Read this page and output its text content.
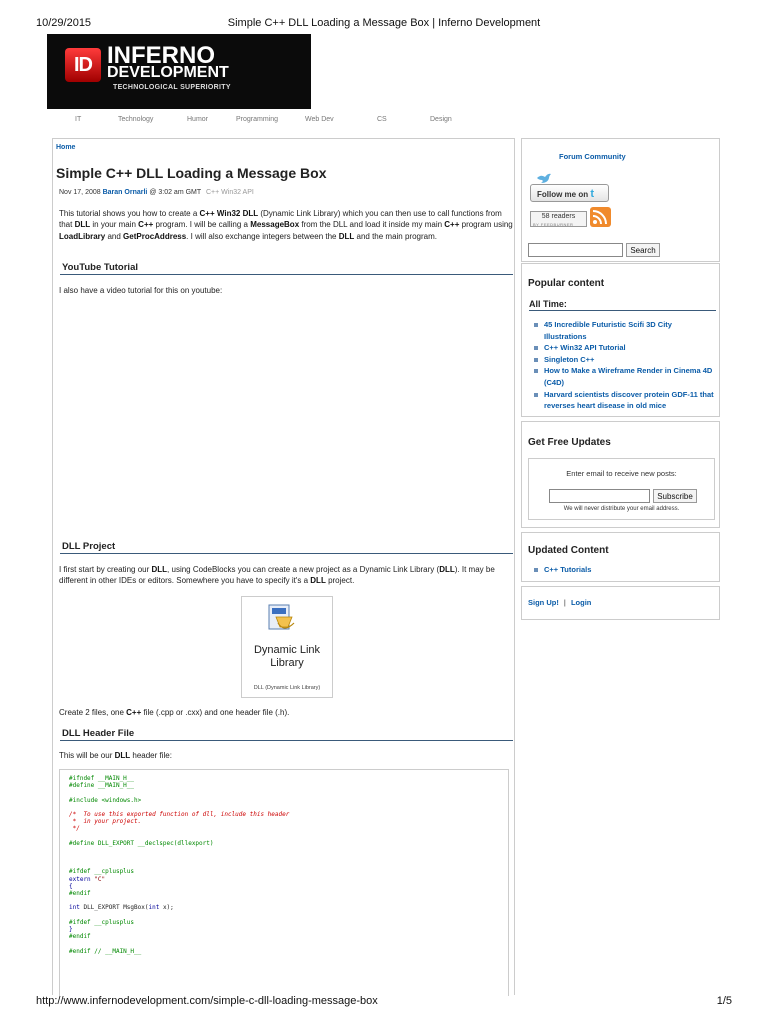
10/29/2015	Simple C++ DLL Loading a Message Box | Inferno Development
ID INFERNO
DEVELOPMENT
TECHNOLOGICAL SUPERIORITY
IT	Technology	Humor	Programming	Web Dev	CS	Design
Home
Simple C++ DLL Loading a Message Box
Nov 17, 2008 Baran Ornarli @ 3:02 am GMT C++ Win32 API
This tutorial shows you how to create a C++ Win32 DLL (Dynamic Link Library) which you can then use to call functions from that DLL in your main C++ program. I will be calling a MessageBox from the DLL and load it inside my main C++ program using LoadLibrary and GetProcAddress. I will also exchange integers between the DLL and the main program.
YouTube Tutorial
I also have a video tutorial for this on youtube:
DLL Project
I first start by creating our DLL, using CodeBlocks you can create a new project as a Dynamic Link Library (DLL). It may be different in other IDEs or editors. Somewhere you have to specify it's a DLL project.
Dynamic Link
Library
DLL (Dynamic Link Library)
Create 2 files, one C++ file (.cpp or .cxx) and one header file (.h).
DLL Header File
This will be our DLL header file:
#ifndef __MAIN_H__
#define __MAIN_H__
#include <windows.h>
/*  To use this exported function of dll, include this header
*  in your project.
*/
#define DLL_EXPORT __declspec(dllexport)
#ifdef __cplusplus
extern "C"
{
#endif
int DLL_EXPORT MsgBox(int x);
#ifdef __cplusplus
}
#endif
#endif // __MAIN_H__
Forum Community
Follow me on t
58 readers
BY FEEDBURNER
Search
Popular content
All Time:
45 Incredible Futuristic Scifi 3D City Illustrations
C++ Win32 API Tutorial
Singleton C++
How to Make a Wireframe Render in Cinema 4D (C4D)
Harvard scientists discover protein GDF-11 that reverses heart disease in old mice
Get Free Updates
Enter email to receive new posts:
Subscribe
We will never distribute your email address.
Updated Content
C++ Tutorials
Sign Up! | Login
http://www.infernodevelopment.com/simple-c-dll-loading-message-box	1/5
